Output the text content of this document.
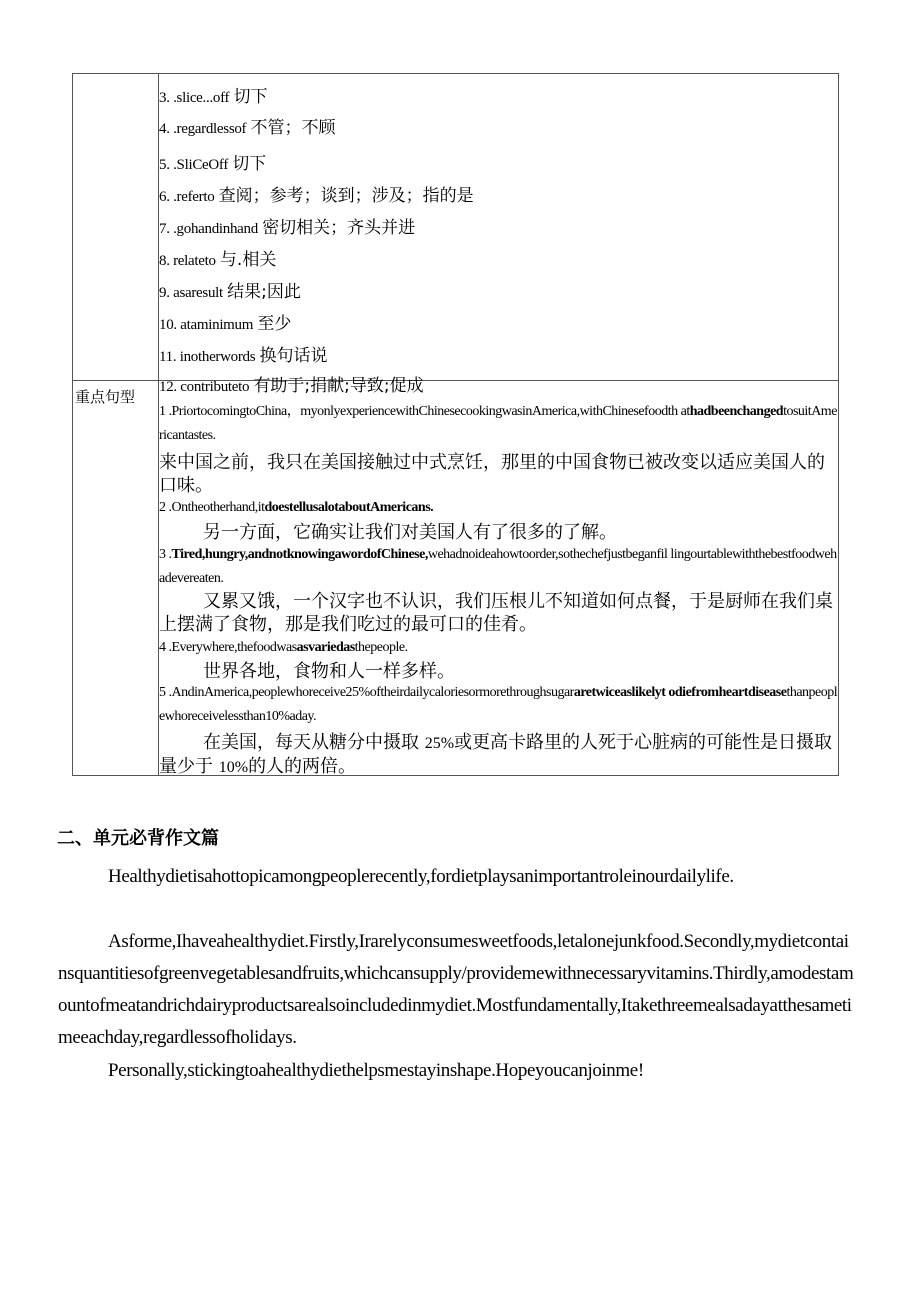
3. .slice...off 切下
4. .regardlessof 不管；不顾
5. .SliCeOff 切下
6. .referto 查阅；参考；谈到；涉及；指的是
7. .gohandinhand 密切相关；齐头并进
8. relateto 与.相关
9. asaresult 结果;因此
10. ataminimum 至少
11. inotherwords 换句话说
12. contributeto 有助于;捐献;导致;促成
重点句型
1 .PriortocomingtoChina，myonlyexperiencewithChinesecookingwasinAmerica,withChinesefoodth athadbeenchangedtosuitAmericantastes.
来中国之前，我只在美国接触过中式烹饪，那里的中国食物已被改变以适应美国人的口味。
2 .Ontheotherhand,itdoestellusalotaboutAmericans.
另一方面，它确实让我们对美国人有了很多的了解。
3 .Tired,hungry,andnotknowingawordofChinese,wehadnoideahowtoorder,sothechefjustbeganfil lingourtablewiththebestfoodwehadevereaten.
又累又饿，一个汉字也不认识，我们压根儿不知道如何点餐，于是厨师在我们桌上摆满了食物，那是我们吃过的最可口的佳肴。
4 .Everywhere,thefoodwasasvariedasthepeople.
世界各地，食物和人一样多样。
5 .AndinAmerica,peoplewhoreceive25%oftheirdailycaloriesormorethroughsugararetwiceaslikelyt odiefromheartdiseasethanpeoplewhoreceivelessthan10%aday.
在美国，每天从糖分中摄取 25%或更高卡路里的人死于心脏病的可能性是日摄取量少于 10%的人的两倍。
二、单元必背作文篇
Healthydietisahottopicamongpeoplerecently,fordietplaysanimportantroleinourdailylife.
Asforme,Ihaveahealthydiet.Firstly,Irarelyconsumesweetfoods,letalonejunkfood.Secondly,mydietcontainsquantitiesofgreenvegetablesandfruits,whichcansupply/providemewithnecessaryvitamins.Thirdly,amodestamountofmeatandrichdairyproductsarealsoincludedinmydiet.Mostfundamentally,Itakethreemealsadayatthesametimeeachday,regardlessofholidays.
Personally,stickingtoahealthydiethelpsmestayinshape.Hopeyoucanjoinme!
